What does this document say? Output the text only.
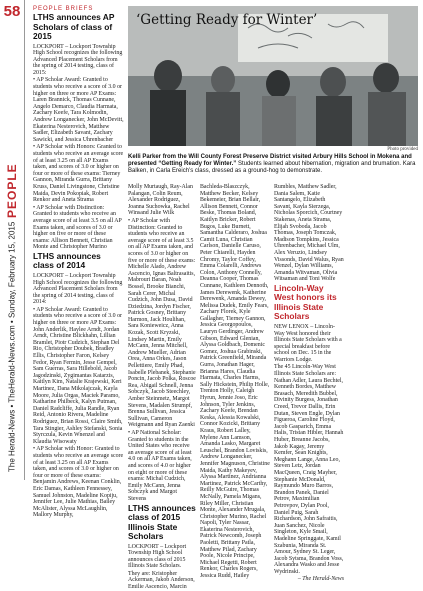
58
The Herald-News • TheHerald-News.com • Sunday, February 15, 2015
PEOPLE
PEOPLE BRIEFS
LTHS announces AP Scholars of class of 2015

LOCKPORT – Lockport Township High School recognizes the following Advanced Placement Scholars from the spring of 2014 testing, class of 2015:

• AP Scholar Award: Granted to students who receive a score of 3.0 or higher on three or more AP Exams: Laren Brannick, Thomas Cunnane, Angelo Demarco, Claudia Harmata, Zachary Keefe, Tara Kolmodin, Andrew Longanecker, John McDevitt, Ekaterina Nesterovich, Matthew Sadler, Elizabeth Savant, Zachary Sawicki, and Jessica Uhrenbacher

• AP Scholar with Honors: Granted to students who receive an average score of at least 3.25 on all AP Exams taken, and scores of 3.0 or higher on four or more of these exams: Tierney Gannon, Miranda Gurra, Brittany Kruss, Daniel Livingstone, Christine Maida, Devin Pokopiak, Robert Renkor and Aneta Strama

• AP Scholar with Distinction: Granted to students who receive an average score of at least 3.5 on all AP Exams taken, and scores of 3.0 or higher on five or more of these exams: Allison Bennett, Christian Monte and Christopher Murino

LTHS announces class of 2014

LOCKPORT – Lockport Township High School recognizes the following Advanced Placement Scholars from the spring of 2014 testing, class of 2014:

• AP Scholar Award: Granted to students who receive a score of 3.0 or higher on three or more AP Exams: John Anderlik, Haylee Arndt, Jordan Arndt, Christine Blickhahn, Lillian Bramlet, Piotr Cudzich, Stephan Del Rio, Christopher Doubek, Bradley Ellis, Christopher Faron, Kelsey Fedor, Ryan Fermin, Jesse Gempel, Sam Guerras, Sara Hillebold, Jacob Jagodzinski, Zygimantas Katarzis, Kaitlyn Kim, Natalie Krajewski, Keri Martinez, Dana Mikolajczak, Kayla Moore, Julia Orgas, Maciek Paramo, Katharine Philbeck, Kalyn Putman, Daniel Radcliffe, Julia Randle, Ryan Reid, Antonio Rivera, Madeline Rodriguez, Brian Rossi, Claire Smith, Tara Stingier, Ashley Stefanski, Sonia Styrczula, Kevin Wnenzel and Klaudia Wisowaty

• AP Scholar with Honor: Granted to students who receive an average score of at least 3.25 on all AP Exams taken, and scores of 3.0 or higher on four or more of these exams: Benjamin Andrews, Keenan Conklin, Eric Damas, Kathleen Fennessey, Samuel Johnston, Madeline Kopiju, Jennifer Lee, Julie Mathias, Bailey McAlister, Alyssa McLaughlin, Mallory Murphy,

‘Getting Ready for Winter’
Photo provided
Kelli Parker from the Will County Forest Preserve District visited Arbury Hills School in Mokena and presented “Getting Ready for Winter.” Students learned about hibernation, migration and brumation. Kara Balken, in Carla Ereich’s class, dressed as a ground-hog to demonstrate.

Molly Murtaugh, Ray-Alan Palangan, Colin Reum, Alexander Rodriguez, Joanna Suchowka, Rachel Winsand Julie Wilk

• AP Scholar with Distinction: Granted to students who receive an average score of at least 3.5 on all AP Exams taken, and scores of 3.0 or higher on five or more of these exams: Michelle Alado, Andrew Ascencio, Ignas Baltrasaitis, Mabrouri Baran, Noah Bossel, Brooke Bianchi, Sarah Cerer, Michal Cudzich, John Dusa, David Dziedzina, Jordyn Fischer, Patrick Gosney, Brittany Harmon, Jack Houlihan, Sara Konieweicz, Anna Kozak, Scott Kryzski, Lindsey Martin, Emily McCann, Jenna Mitchell, Andrew Mueller, Adrian Orea, Anna Orkes, Jason Pellettiere, Emily Phad, Isabelle Plebanek, Stephanie Poncin, Jacob Polka, Roscoe Rea, Abigail Schnell, Jenna Sobczyk, Jacob Steechley, Amber Steinmetz, Margot Stevens, Madalen Strumpf, Brenna Sullivan, Jessica Sullivan, Cameron Weigmann and Ryan Zaenki

• AP National Scholar: Granted to students in the United States who receive an average score of at least 4.0 on all AP Exams taken, and scores of 4.0 or higher on eight or more of these exams: Michal Cudzich, Emily McCann, Jenna Sobczyk and Margot Stevens

LTHS announces class of 2015 Illinois State Scholars

LOCKPORT – Lockport Township High School announces class of 2015 Illinois State Scholars.

They are: Kristopher Ackerman, Jakob Anderson, Emilie Ascencio, Marcin

Bachleda-Blaszczyk, Matthew Becker, Kelsey Bekemeier, Brian Bellair, Allison Bennett, Connor Beske, Thomas Boland, Kaitlyn Bricker, Robert Bugos, Luke Burnett, Samantha Calderaro, Joshua Camit Luna, Christian Carlson, Danielle Caruso, Peter Chiarelli, Hayden Chromy, Taylor Coffey, Emma Colarelli, Andrews Colon, Anthony Connelly, Deanna Cooper, Thomas Cunnane, Kathleen Dennoth, James Derewenk, Katherine Derewenk, Amanda Dewey, Melissa Dudek, Emily Fears, Zachary Florek, Kyle Gallagher, Tierney Gannon, Jessica Georgopoulos, Lauryn Gerdinger, Andrew Gibson, Edward Glenian, Alyssa Goldbach, Domenic Gomez, Joshua Grabinski, Patrick Greenfield, Miranda Gurra, Jonathan Hager, Brianna Hares, Claudia Harmata, Charles Harms, Sally Hickstein, Philip Holle, Trenton Holly, Caleigh Hyrun, Jennie Joso, Eric Johnson, Tyler Jenkins, Zachary Keefe, Brendan Keska, Alessia Kowalski, Connor Kozicki, Brittany Kraus, Robert Lalley, Mylene Ann Lamson, Amanda Lasko, Margaret Leuschel, Brandon Loviskis, Andrew Longanecker, Jennifer Magnuson, Christine Maida, Kathy Makeyev, Alyssa Martinez, Andrianna Martinez, Patrick McCarthy, Reilly McGuire, Thomas McNally, Pamela Migans, Riley Miller, Christian Monte, Alexander Mrugala, Christopher Murino, Rachel Napoli, Tyler Nassar, Ekaterina Nesterovich, Patrick Newcomb, Joseph Paoletti, Brittany Patla, Matthew Pilad, Zachary Poole, Nicole Principe, Michael Regetti, Robert Renkor, Charles Rogers, Jessica Rudd, Hailey

Rumbles, Matthew Sadler, Dania Salem, Katie Santangelo, Elizabeth Savant, Kayla Sierzega, Nicholas Sporcich, Courtney Stakenas, Aneta Strama, Elijah Svoboda, Jacob Thomas, Joseph Tomczak, Madison Tompkins, Jessica Uhrenbacher, Michael Ulm, Alex Veruzio, Lindsey Vissonds, David Walus, Ryan Wenzel, Dylan Williams, Amanda Witvaman, Olivia Witsaman and Toni Wolfe

Lincoln-Way West honors its Illinois State Scholars

NEW LENOX – Lincoln-Way West honored their Illinois State Scholars with a special breakfast before school on Dec. 15 in the Warriors Lodge.

The 45 Lincoln-Way West Illinois State Scholars are: Nathan Adler, Laura Bechtel, Kenneth Bordes, Matthew Brasach, Meredith Bubbel, Divinity Burgess, Jonathan Creed, Trevor Dallis, Erin Dutan, Steven Engle, Dylan Figueroa, Caroline Floyd, Jacob Gasparich, Emma Halis, Tristan Hibler, Hannah Huber, Breanne Jacobs, Jakob Kagay, Jeremy Kemfer, Sean Knights, Meghann Lange, Anna Leo, Steven Letz, Jordan MacQueen, Craig Mayher, Stephanie McDonald, Raymundo Muro Barros, Brandon Panek, Daniel Petrov, Maximilian Petrovpov, Dylan Pool, Daniel Puig, Sarah Richardson, John Safraitis, Juan Sanchez, Nicole Singleton, Kyle Smail, Madeline Springgate, Kamil Szabunia, Miranda St. Amour, Sydney St. Leger, Jacob Sytsma, Brandon Voss, Alexandra Wasko and Jesse Wydrinski.

– The Herald-News
